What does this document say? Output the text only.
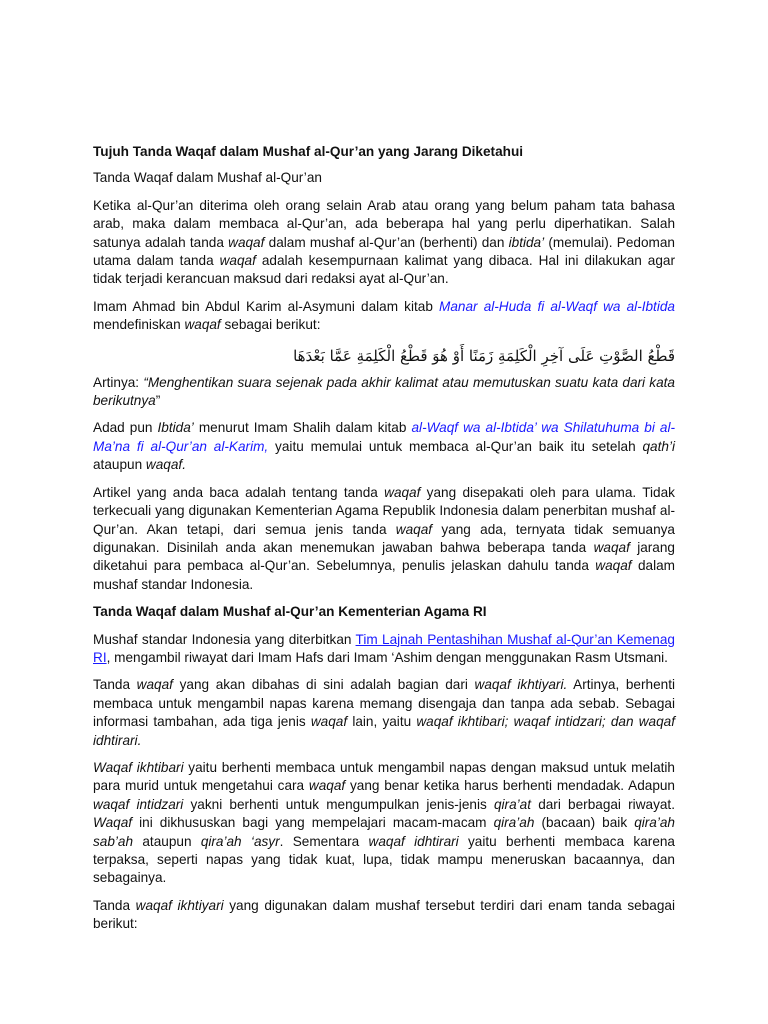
Tujuh Tanda Waqaf dalam Mushaf al-Qur’an yang Jarang Diketahui

Tanda Waqaf dalam Mushaf al-Qur’an

Ketika al-Qur’an diterima oleh orang selain Arab atau orang yang belum paham tata bahasa arab, maka dalam membaca al-Qur’an, ada beberapa hal yang perlu diperhatikan. Salah satunya adalah tanda waqaf dalam mushaf al-Qur’an (berhenti) dan ibtida’ (memulai). Pedoman utama dalam tanda waqaf adalah kesempurnaan kalimat yang dibaca. Hal ini dilakukan agar tidak terjadi kerancuan maksud dari redaksi ayat al-Qur’an.

Imam Ahmad bin Abdul Karim al-Asymuni dalam kitab Manar al-Huda fi al-Waqf wa al-Ibtida mendefiniskan waqaf sebagai berikut:

قَطْعُ الصَّوْتِ عَلَى آخِرِ الْكَلِمَةِ زَمَنًا أَوْ هُوَ قَطْعُ الْكَلِمَةِ عَمَّا بَعْدَهَا

Artinya: “Menghentikan suara sejenak pada akhir kalimat atau memutuskan suatu kata dari kata berikutnya”

Adad pun Ibtida’ menurut Imam Shalih dalam kitab al-Waqf wa al-Ibtida’ wa Shilatuhuma bi al-Ma’na fi al-Qur’an al-Karim, yaitu memulai untuk membaca al-Qur’an baik itu setelah qath’i ataupun waqaf.

Artikel yang anda baca adalah tentang tanda waqaf yang disepakati oleh para ulama. Tidak terkecuali yang digunakan Kementerian Agama Republik Indonesia dalam penerbitan mushaf al-Qur’an. Akan tetapi, dari semua jenis tanda waqaf yang ada, ternyata tidak semuanya digunakan. Disinilah anda akan menemukan jawaban bahwa beberapa tanda waqaf jarang diketahui para pembaca al-Qur’an. Sebelumnya, penulis jelaskan dahulu tanda waqaf dalam mushaf standar Indonesia.

Tanda Waqaf dalam Mushaf al-Qur’an Kementerian Agama RI

Mushaf standar Indonesia yang diterbitkan Tim Lajnah Pentashihan Mushaf al-Qur’an Kemenag RI, mengambil riwayat dari Imam Hafs dari Imam ‘Ashim dengan menggunakan Rasm Utsmani.

Tanda waqaf yang akan dibahas di sini adalah bagian dari waqaf ikhtiyari. Artinya, berhenti membaca untuk mengambil napas karena memang disengaja dan tanpa ada sebab. Sebagai informasi tambahan, ada tiga jenis waqaf lain, yaitu waqaf ikhtibari; waqaf intidzari; dan waqaf idhtirari.

Waqaf ikhtibari yaitu berhenti membaca untuk mengambil napas dengan maksud untuk melatih para murid untuk mengetahui cara waqaf yang benar ketika harus berhenti mendadak. Adapun waqaf intidzari yakni berhenti untuk mengumpulkan jenis-jenis qira’at dari berbagai riwayat. Waqaf ini dikhususkan bagi yang mempelajari macam-macam qira’ah (bacaan) baik qira’ah sab’ah ataupun qira’ah ‘asyr. Sementara waqaf idhtirari yaitu berhenti membaca karena terpaksa, seperti napas yang tidak kuat, lupa, tidak mampu meneruskan bacaannya, dan sebagainya.

Tanda waqaf ikhtiyari yang digunakan dalam mushaf tersebut terdiri dari enam tanda sebagai berikut:
